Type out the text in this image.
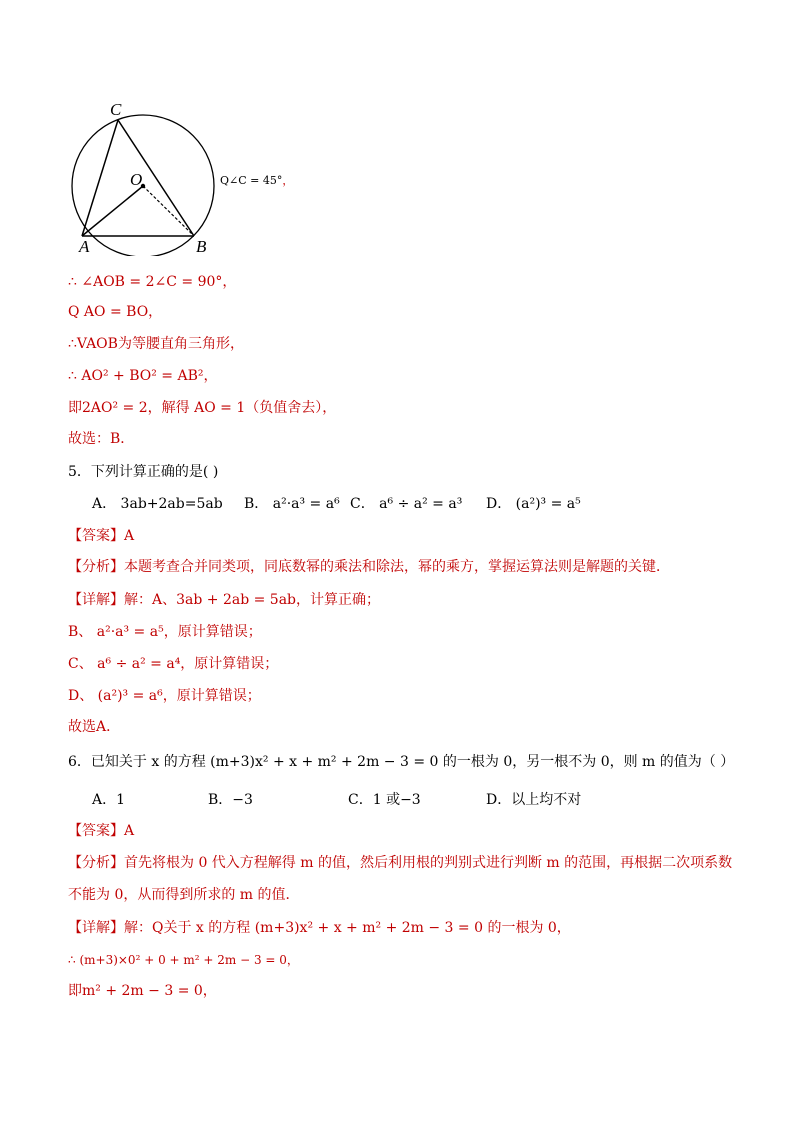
C
O
A	B
Q∠C = 45°，
∴ ∠AOB = 2∠C = 90°，
Q AO = BO，
∴VAOB为等腰直角三角形，
∴ AO² + BO² = AB²，
即2AO² = 2，解得 AO = 1（负值舍去），
故选：B．
5．下列计算正确的是( )
A． 3ab+2ab=5ab B． a²·a³ = a⁶ C． a⁶ ÷ a² = a³ D． (a²)³ = a⁵
【答案】A
【分析】本题考查合并同类项，同底数幂的乘法和除法，幂的乘方，掌握运算法则是解题的关键．
【详解】解：A、3ab + 2ab = 5ab，计算正确；
B、 a²·a³ = a⁵，原计算错误；
C、 a⁶ ÷ a² = a⁴，原计算错误；
D、 (a²)³ = a⁶，原计算错误；
故选A．
6．已知关于 x 的方程 (m+3)x² + x + m² + 2m − 3 = 0 的一根为 0，另一根不为 0，则 m 的值为（ ）
A．1	B．−3	C．1 或−3	D．以上均不对
【答案】A
【分析】首先将根为 0 代入方程解得 m 的值，然后利用根的判别式进行判断 m 的范围，再根据二次项系数
不能为 0，从而得到所求的 m 的值．
【详解】解：Q关于 x 的方程 (m+3)x² + x + m² + 2m − 3 = 0 的一根为 0，
∴ (m+3)×0² + 0 + m² + 2m − 3 = 0，
即m² + 2m − 3 = 0，
